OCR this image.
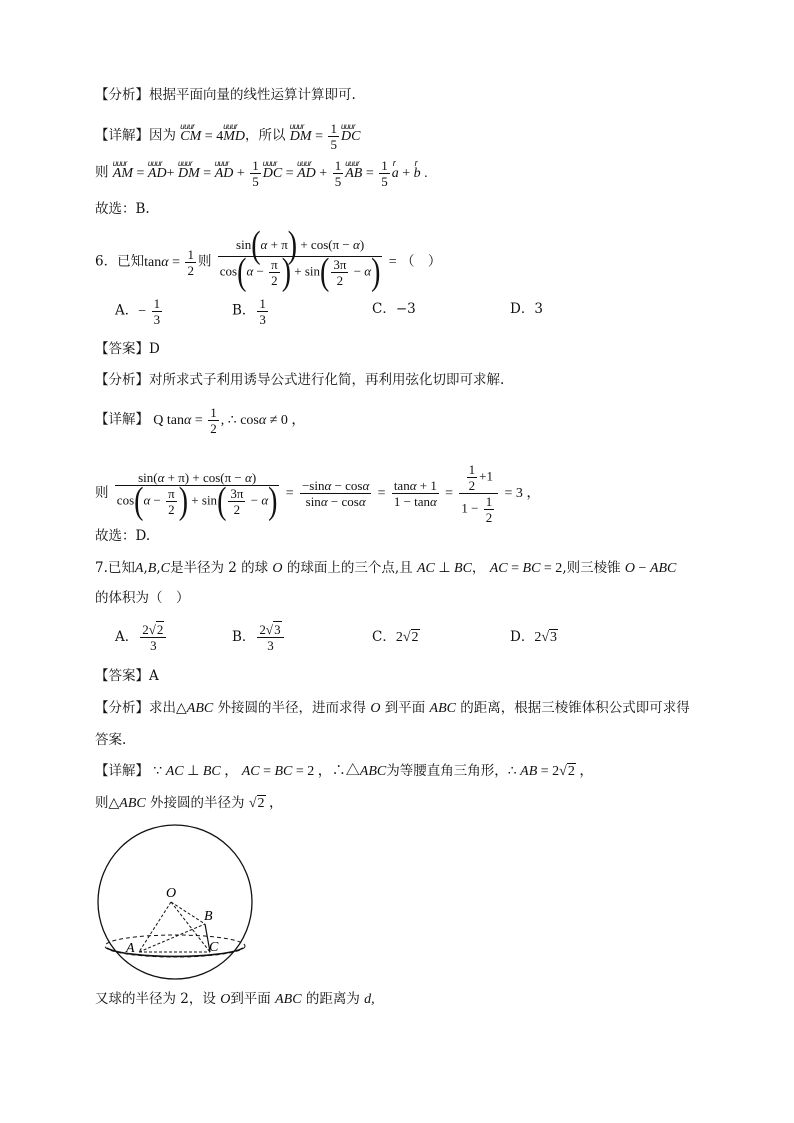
【分析】根据平面向量的线性运算计算即可.
【详解】因为 uuur CM = 4uuur MD，所以 uuur DM = $\frac{1}{5}$ uuur DC
则 uuur AM = uuur AD+ uuur DM = uuur AD + $\frac{1}{5}$ uuur DC = uuur AD + $\frac{1}{5}$ uuur AB = $\frac{1}{5}$ r a + r b .
故选：B.
6．已知$\tan\alpha = \frac{1}{2}$ 则 $\frac{\sin(\alpha + \pi) + \cos(\pi - \alpha)}{\cos(\alpha - \frac{\pi}{2} ) + \sin( \frac{3\pi}{2} - \alpha)}$ = （　）
A．− $\frac{1}{3}$	B． $\frac{1}{3}$	C．−3	D．3
【答案】D
【分析】对所求式子利用诱导公式进行化简，再利用弦化切即可求解.
【详解】 Q $\tan\alpha = \frac{1}{2}$ , ∴ cosα ≠ 0 ，
则 $\frac{\sin(\alpha + \pi) + \cos(\pi - \alpha)}{\cos(\alpha - \frac{\pi}{2} ) + \sin( \frac{3\pi}{2} - \alpha)} = \frac{-\sin\alpha - \cos\alpha}{\sin\alpha - \cos\alpha} = \frac{\tan\alpha + 1}{1 - \tan\alpha} = \frac{\frac{1}{2} +1}{1 - \frac{1}{2}} = 3$ ，
故选：D.
7.已知A,B,C是半径为 2 的球 O 的球面上的三个点,且 AC ⊥ BC， AC = BC = 2,则三棱锥 O − ABC
的体积为（　）
A． $\frac{2√2}{3}$	B． $\frac{2√3}{3}$	C．2√2	D．2√3
【答案】A
【分析】求出△ABC 外接圆的半径，进而求得 O 到平面 ABC 的距离，根据三棱锥体积公式即可求得
答案.
【详解】 ∵ AC ⊥ BC ， AC = BC = 2 ，∴△ABC为等腰直角三角形，∴ AB = 2√2 ，
则△ABC 外接圆的半径为 √2 ，
O
B
A	C
又球的半径为 2，设 O到平面 ABC 的距离为 d,
